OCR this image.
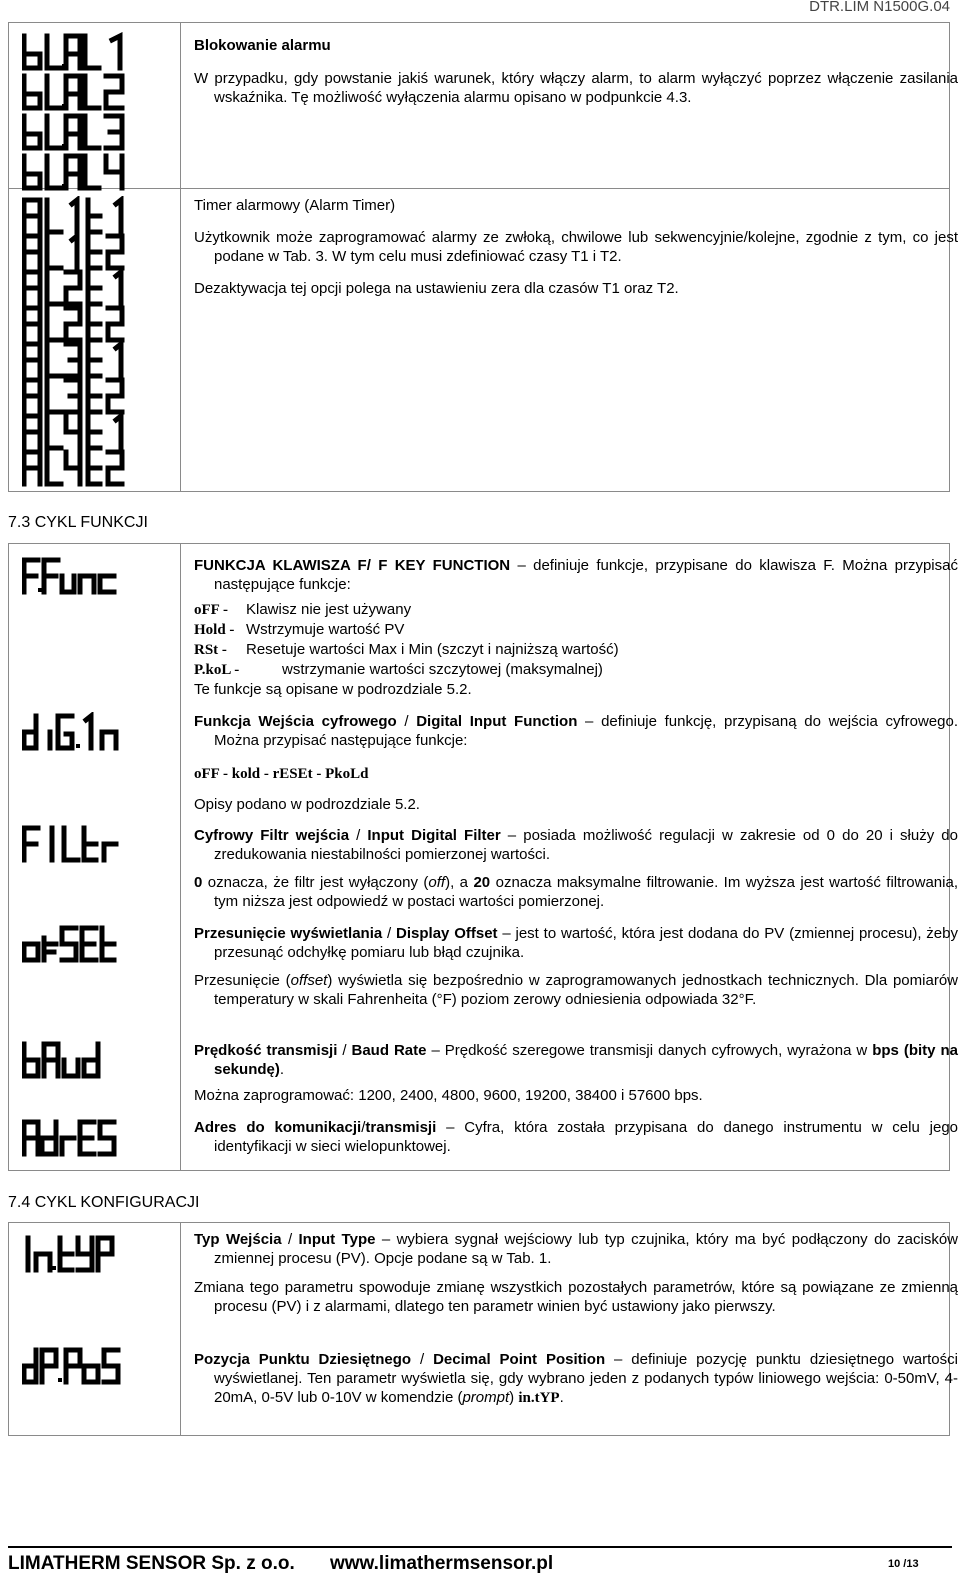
DTR.LIM N1500G.04
Blokowanie alarmu
W przypadku, gdy powstanie jakiś warunek, który włączy alarm, to alarm wyłączyć poprzez włączenie zasilania wskaźnika. Tę możliwość wyłączenia alarmu opisano w podpunkcie 4.3.
Timer alarmowy (Alarm Timer)
Użytkownik może zaprogramować alarmy ze zwłoką, chwilowe lub sekwencyjnie/kolejne, zgodnie z tym, co jest podane w Tab. 3. W tym celu musi zdefiniować czasy T1 i T2.
Dezaktywacja tej opcji polega na ustawieniu zera dla czasów T1 oraz T2.
7.3 CYKL FUNKCJI
FUNKCJA KLAWISZA F/ F KEY FUNCTION – definiuje funkcje, przypisane do klawisza F. Można przypisać następujące funkcje:
oFF - Klawisz nie jest używany
Hold - Wstrzymuje wartość PV
RSt - Resetuje wartości Max i Min (szczyt i najniższą wartość)
P.koL -	wstrzymanie wartości szczytowej (maksymalnej)
Te funkcje są opisane w podrozdziale 5.2.
Funkcja Wejścia cyfrowego / Digital Input Function – definiuje funkcję, przypisaną do wejścia cyfrowego. Można przypisać następujące funkcje:
oFF - kold - rESEt - PkoLd
Opisy podano w podrozdziale 5.2.
Cyfrowy Filtr wejścia / Input Digital Filter – posiada możliwość regulacji w zakresie od 0 do 20 i służy do zredukowania niestabilności pomierzonej wartości.
0 oznacza, że filtr jest wyłączony (off), a 20 oznacza maksymalne filtrowanie. Im wyższa jest wartość filtrowania, tym niższa jest odpowiedź w postaci wartości pomierzonej.
Przesunięcie wyświetlania / Display Offset – jest to wartość, która jest dodana do PV (zmiennej procesu), żeby przesunąć odchyłkę pomiaru lub błąd czujnika.
Przesunięcie (offset) wyświetla się bezpośrednio w zaprogramowanych jednostkach technicznych. Dla pomiarów temperatury w skali Fahrenheita (°F) poziom zerowy odniesienia odpowiada 32°F.
Prędkość transmisji / Baud Rate – Prędkość szeregowe transmisji danych cyfrowych, wyrażona w bps (bity na sekundę).
Można zaprogramować: 1200, 2400, 4800, 9600, 19200, 38400 i 57600 bps.
Adres do komunikacji/transmisji – Cyfra, która została przypisana do danego instrumentu w celu jego identyfikacji w sieci wielopunktowej.
7.4 CYKL KONFIGURACJI
Typ Wejścia / Input Type – wybiera sygnał wejściowy lub typ czujnika, który ma być podłączony do zacisków zmiennej procesu (PV). Opcje podane są w Tab. 1.
Zmiana tego parametru spowoduje zmianę wszystkich pozostałych parametrów, które są powiązane ze zmienną procesu (PV) i z alarmami, dlatego ten parametr winien być ustawiony jako pierwszy.
Pozycja Punktu Dziesiętnego / Decimal Point Position – definiuje pozycję punktu dziesiętnego wartości wyświetlanej. Ten parametr wyświetla się, gdy wybrano jeden z podanych typów liniowego wejścia: 0-50mV, 4-20mA, 0-5V lub 0-10V w komendzie (prompt) in.tYP.
LIMATHERM SENSOR Sp. z o.o. www.limathermsensor.pl	10 /13
